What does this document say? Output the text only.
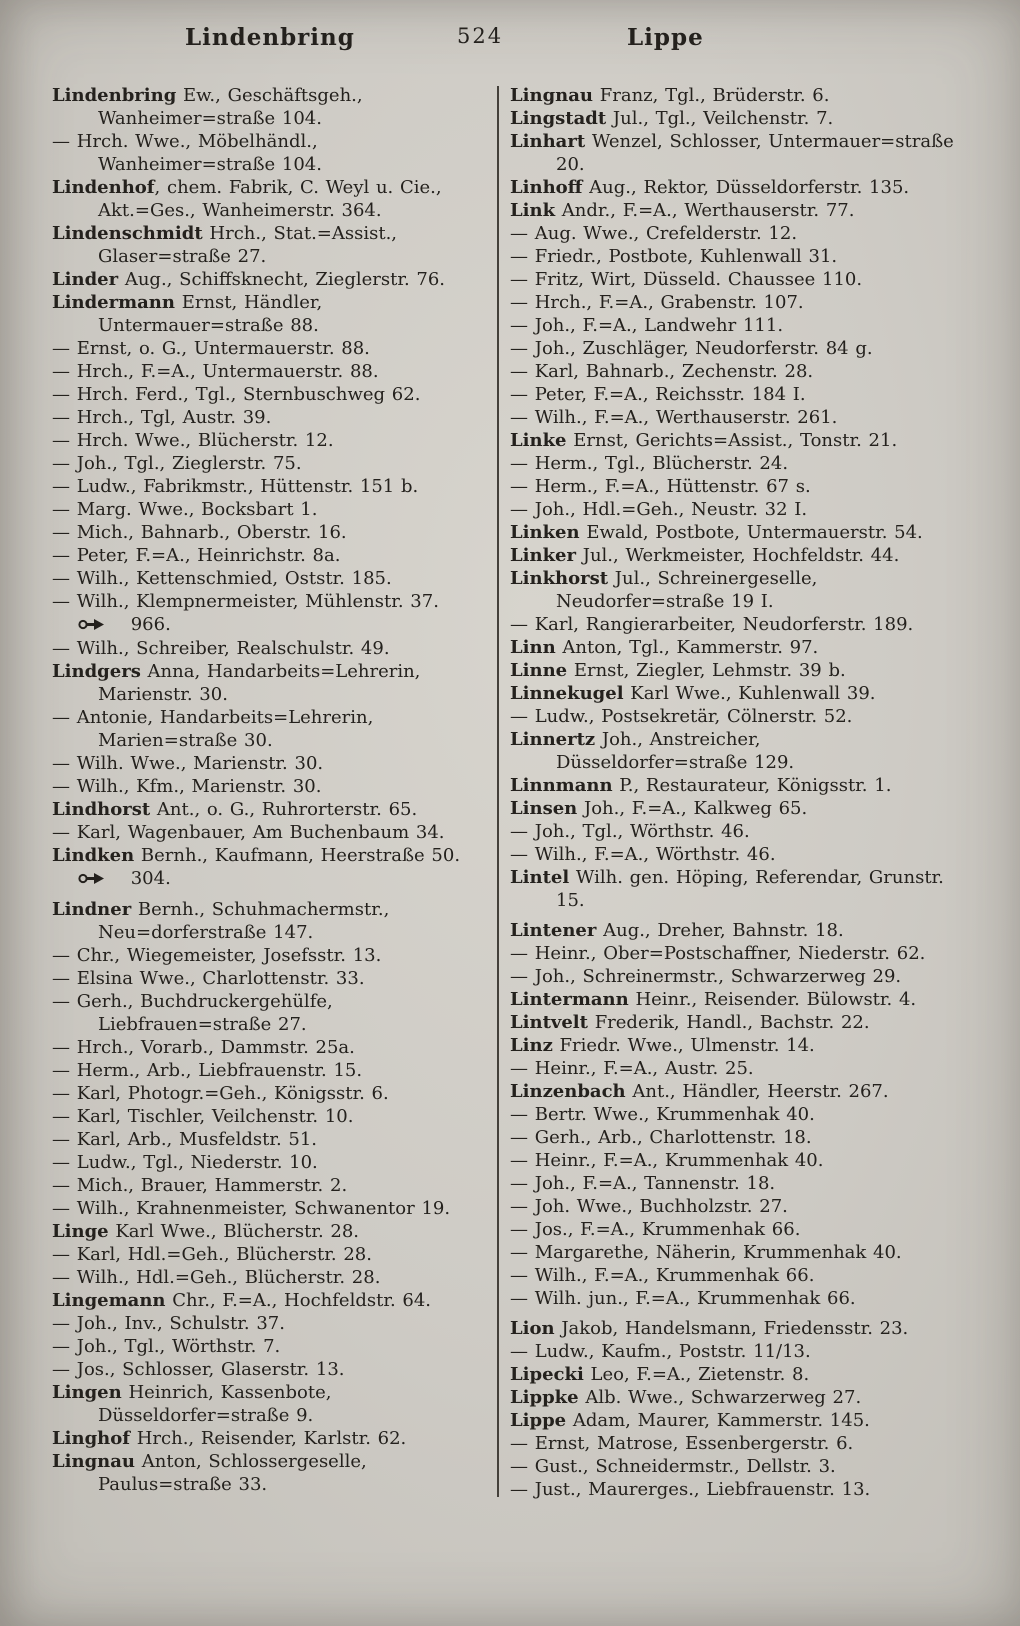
Lindenbring	524	Lippe

Lindenbring Ew., Geschäftsgeh., Wanheimer=straße 104.

— Hrch. Wwe., Möbelhändl., Wanheimer=straße 104.

Lindenhof, chem. Fabrik, C. Weyl u. Cie., Akt.=Ges., Wanheimerstr. 364.

Lindenschmidt Hrch., Stat.=Assist., Glaser=straße 27.

Linder Aug., Schiffsknecht, Zieglerstr. 76.

Lindermann Ernst, Händler, Untermauer=straße 88.

— Ernst, o. G., Untermauerstr. 88.

— Hrch., F.=A., Untermauerstr. 88.

— Hrch. Ferd., Tgl., Sternbuschweg 62.

— Hrch., Tgl, Austr. 39.

— Hrch. Wwe., Blücherstr. 12.

— Joh., Tgl., Zieglerstr. 75.

— Ludw., Fabrikmstr., Hüttenstr. 151 b.

— Marg. Wwe., Bocksbart 1.

— Mich., Bahnarb., Oberstr. 16.

— Peter, F.=A., Heinrichstr. 8a.

— Wilh., Kettenschmied, Oststr. 185.

— Wilh., Klempnermeister, Mühlenstr. 37.
966.

— Wilh., Schreiber, Realschulstr. 49.

Lindgers Anna, Handarbeits=Lehrerin, Marienstr. 30.

— Antonie, Handarbeits=Lehrerin, Marien=straße 30.

— Wilh. Wwe., Marienstr. 30.

— Wilh., Kfm., Marienstr. 30.

Lindhorst Ant., o. G., Ruhrorterstr. 65.

— Karl, Wagenbauer, Am Buchenbaum 34.

Lindken Bernh., Kaufmann, Heerstraße 50.
304.

Lindner Bernh., Schuhmachermstr., Neu=dorferstraße 147.

— Chr., Wiegemeister, Josefsstr. 13.

— Elsina Wwe., Charlottenstr. 33.

— Gerh., Buchdruckergehülfe, Liebfrauen=straße 27.

— Hrch., Vorarb., Dammstr. 25a.

— Herm., Arb., Liebfrauenstr. 15.

— Karl, Photogr.=Geh., Königsstr. 6.

— Karl, Tischler, Veilchenstr. 10.

— Karl, Arb., Musfeldstr. 51.

— Ludw., Tgl., Niederstr. 10.

— Mich., Brauer, Hammerstr. 2.

— Wilh., Krahnenmeister, Schwanentor 19.

Linge Karl Wwe., Blücherstr. 28.

— Karl, Hdl.=Geh., Blücherstr. 28.

— Wilh., Hdl.=Geh., Blücherstr. 28.

Lingemann Chr., F.=A., Hochfeldstr. 64.

— Joh., Inv., Schulstr. 37.

— Joh., Tgl., Wörthstr. 7.

— Jos., Schlosser, Glaserstr. 13.

Lingen Heinrich, Kassenbote, Düsseldorfer=straße 9.

Linghof Hrch., Reisender, Karlstr. 62.

Lingnau Anton, Schlossergeselle, Paulus=straße 33.

Lingnau Franz, Tgl., Brüderstr. 6.

Lingstadt Jul., Tgl., Veilchenstr. 7.

Linhart Wenzel, Schlosser, Untermauer=straße 20.

Linhoff Aug., Rektor, Düsseldorferstr. 135.

Link Andr., F.=A., Werthauserstr. 77.

— Aug. Wwe., Crefelderstr. 12.

— Friedr., Postbote, Kuhlenwall 31.

— Fritz, Wirt, Düsseld. Chaussee 110.

— Hrch., F.=A., Grabenstr. 107.

— Joh., F.=A., Landwehr 111.

— Joh., Zuschläger, Neudorferstr. 84 g.

— Karl, Bahnarb., Zechenstr. 28.

— Peter, F.=A., Reichsstr. 184 I.

— Wilh., F.=A., Werthauserstr. 261.

Linke Ernst, Gerichts=Assist., Tonstr. 21.

— Herm., Tgl., Blücherstr. 24.

— Herm., F.=A., Hüttenstr. 67 s.

— Joh., Hdl.=Geh., Neustr. 32 I.

Linken Ewald, Postbote, Untermauerstr. 54.

Linker Jul., Werkmeister, Hochfeldstr. 44.

Linkhorst Jul., Schreinergeselle, Neudorfer=straße 19 I.

— Karl, Rangierarbeiter, Neudorferstr. 189.

Linn Anton, Tgl., Kammerstr. 97.

Linne Ernst, Ziegler, Lehmstr. 39 b.

Linnekugel Karl Wwe., Kuhlenwall 39.

— Ludw., Postsekretär, Cölnerstr. 52.

Linnertz Joh., Anstreicher, Düsseldorfer=straße 129.

Linnmann P., Restaurateur, Königsstr. 1.

Linsen Joh., F.=A., Kalkweg 65.

— Joh., Tgl., Wörthstr. 46.

— Wilh., F.=A., Wörthstr. 46.

Lintel Wilh. gen. Höping, Referendar, Grunstr. 15.

Lintener Aug., Dreher, Bahnstr. 18.

— Heinr., Ober=Postschaffner, Niederstr. 62.

— Joh., Schreinermstr., Schwarzerweg 29.

Lintermann Heinr., Reisender. Bülowstr. 4.

Lintvelt Frederik, Handl., Bachstr. 22.

Linz Friedr. Wwe., Ulmenstr. 14.

— Heinr., F.=A., Austr. 25.

Linzenbach Ant., Händler, Heerstr. 267.

— Bertr. Wwe., Krummenhak 40.

— Gerh., Arb., Charlottenstr. 18.

— Heinr., F.=A., Krummenhak 40.

— Joh., F.=A., Tannenstr. 18.

— Joh. Wwe., Buchholzstr. 27.

— Jos., F.=A., Krummenhak 66.

— Margarethe, Näherin, Krummenhak 40.

— Wilh., F.=A., Krummenhak 66.

— Wilh. jun., F.=A., Krummenhak 66.

Lion Jakob, Handelsmann, Friedensstr. 23.

— Ludw., Kaufm., Poststr. 11/13.

Lipecki Leo, F.=A., Zietenstr. 8.

Lippke Alb. Wwe., Schwarzerweg 27.

Lippe Adam, Maurer, Kammerstr. 145.

— Ernst, Matrose, Essenbergerstr. 6.

— Gust., Schneidermstr., Dellstr. 3.

— Just., Maurerges., Liebfrauenstr. 13.
